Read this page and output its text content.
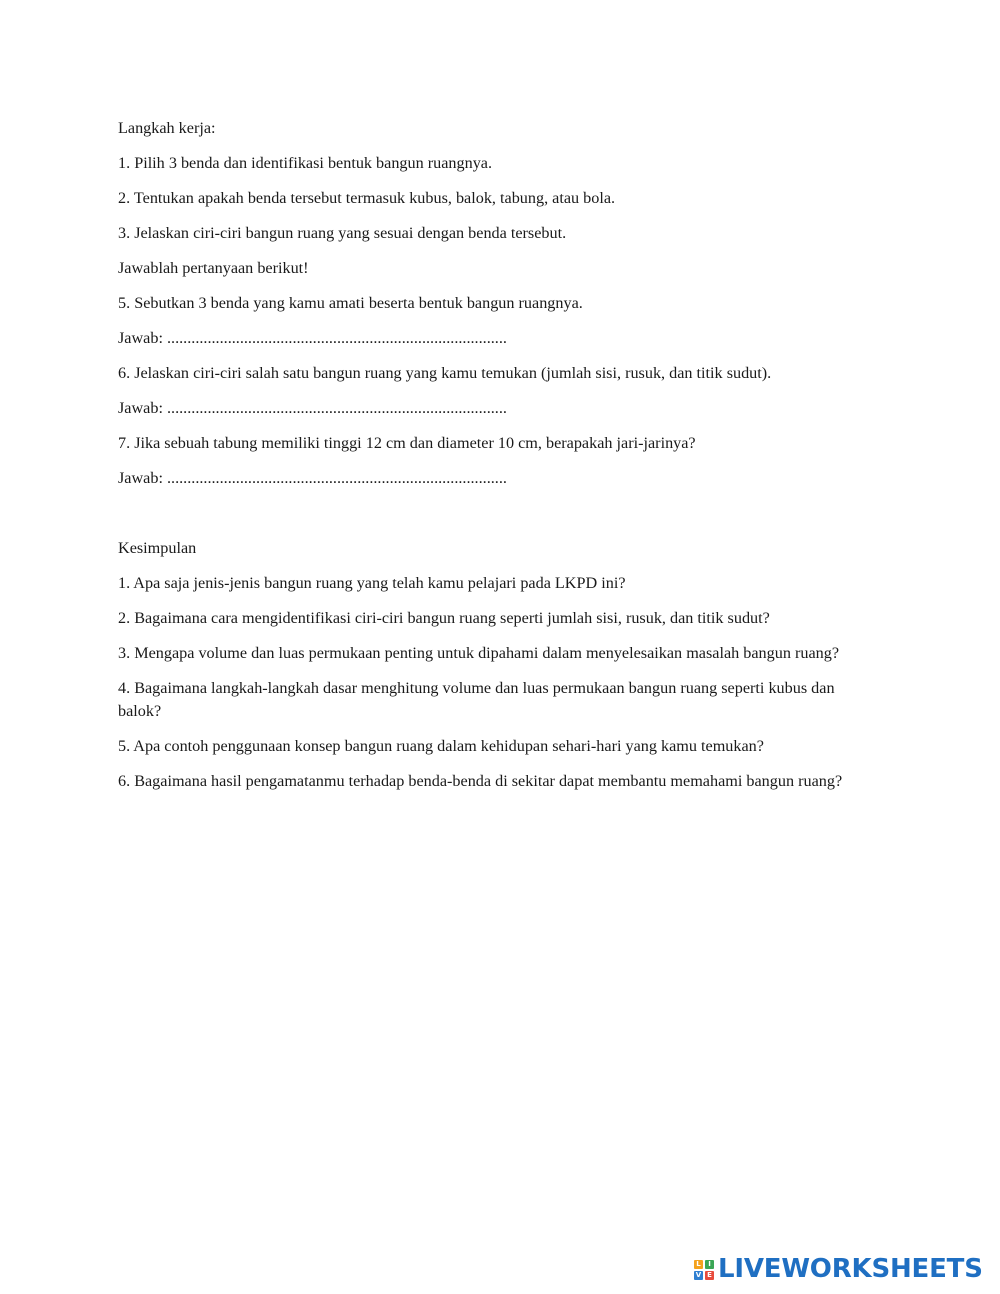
Langkah kerja:

1. Pilih 3 benda dan identifikasi bentuk bangun ruangnya.

2. Tentukan apakah benda tersebut termasuk kubus, balok, tabung, atau bola.

3. Jelaskan ciri-ciri bangun ruang yang sesuai dengan benda tersebut.

Jawablah pertanyaan berikut!

5. Sebutkan 3 benda yang kamu amati beserta bentuk bangun ruangnya.

Jawab: ....................................................................................

6. Jelaskan ciri-ciri salah satu bangun ruang yang kamu temukan (jumlah sisi, rusuk, dan titik sudut).

Jawab: ....................................................................................

7. Jika sebuah tabung memiliki tinggi 12 cm dan diameter 10 cm, berapakah jari-jarinya?

Jawab: ....................................................................................

Kesimpulan

1. Apa saja jenis-jenis bangun ruang yang telah kamu pelajari pada LKPD ini?

2. Bagaimana cara mengidentifikasi ciri-ciri bangun ruang seperti jumlah sisi, rusuk, dan titik sudut?

3. Mengapa volume dan luas permukaan penting untuk dipahami dalam menyelesaikan masalah bangun ruang?

4. Bagaimana langkah-langkah dasar menghitung volume dan luas permukaan bangun ruang seperti kubus dan balok?

5. Apa contoh penggunaan konsep bangun ruang dalam kehidupan sehari-hari yang kamu temukan?

6. Bagaimana hasil pengamatanmu terhadap benda-benda di sekitar dapat membantu memahami bangun ruang?

L	I
V E LIVEWORKSHEETS
